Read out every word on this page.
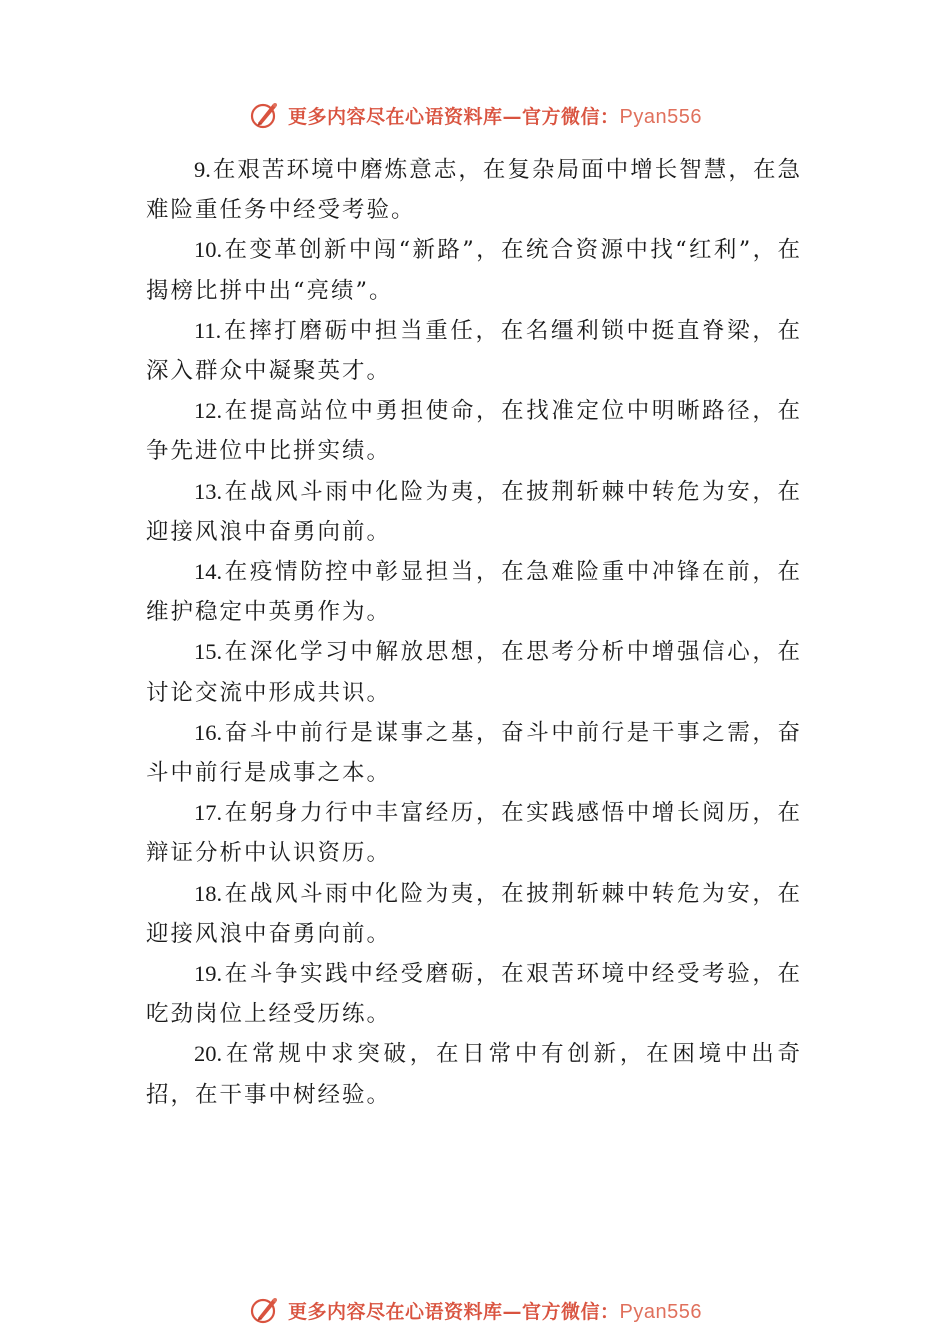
更多内容尽在心语资料库—官方微信：Pyan556

9.在艰苦环境中磨炼意志，在复杂局面中增长智慧，在急难险重任务中经受考验。

10.在变革创新中闯“新路”，在统合资源中找“红利”，在揭榜比拼中出“亮绩”。

11.在摔打磨砺中担当重任，在名缰利锁中挺直脊梁，在深入群众中凝聚英才。

12.在提高站位中勇担使命，在找准定位中明晰路径，在争先进位中比拼实绩。

13.在战风斗雨中化险为夷，在披荆斩棘中转危为安，在迎接风浪中奋勇向前。

14.在疫情防控中彰显担当，在急难险重中冲锋在前，在维护稳定中英勇作为。

15.在深化学习中解放思想，在思考分析中增强信心，在讨论交流中形成共识。

16.奋斗中前行是谋事之基，奋斗中前行是干事之需，奋斗中前行是成事之本。

17.在躬身力行中丰富经历，在实践感悟中增长阅历，在辩证分析中认识资历。

18.在战风斗雨中化险为夷，在披荆斩棘中转危为安，在迎接风浪中奋勇向前。

19.在斗争实践中经受磨砺，在艰苦环境中经受考验，在吃劲岗位上经受历练。

20.在常规中求突破，在日常中有创新，在困境中出奇招，在干事中树经验。

更多内容尽在心语资料库—官方微信：Pyan556
